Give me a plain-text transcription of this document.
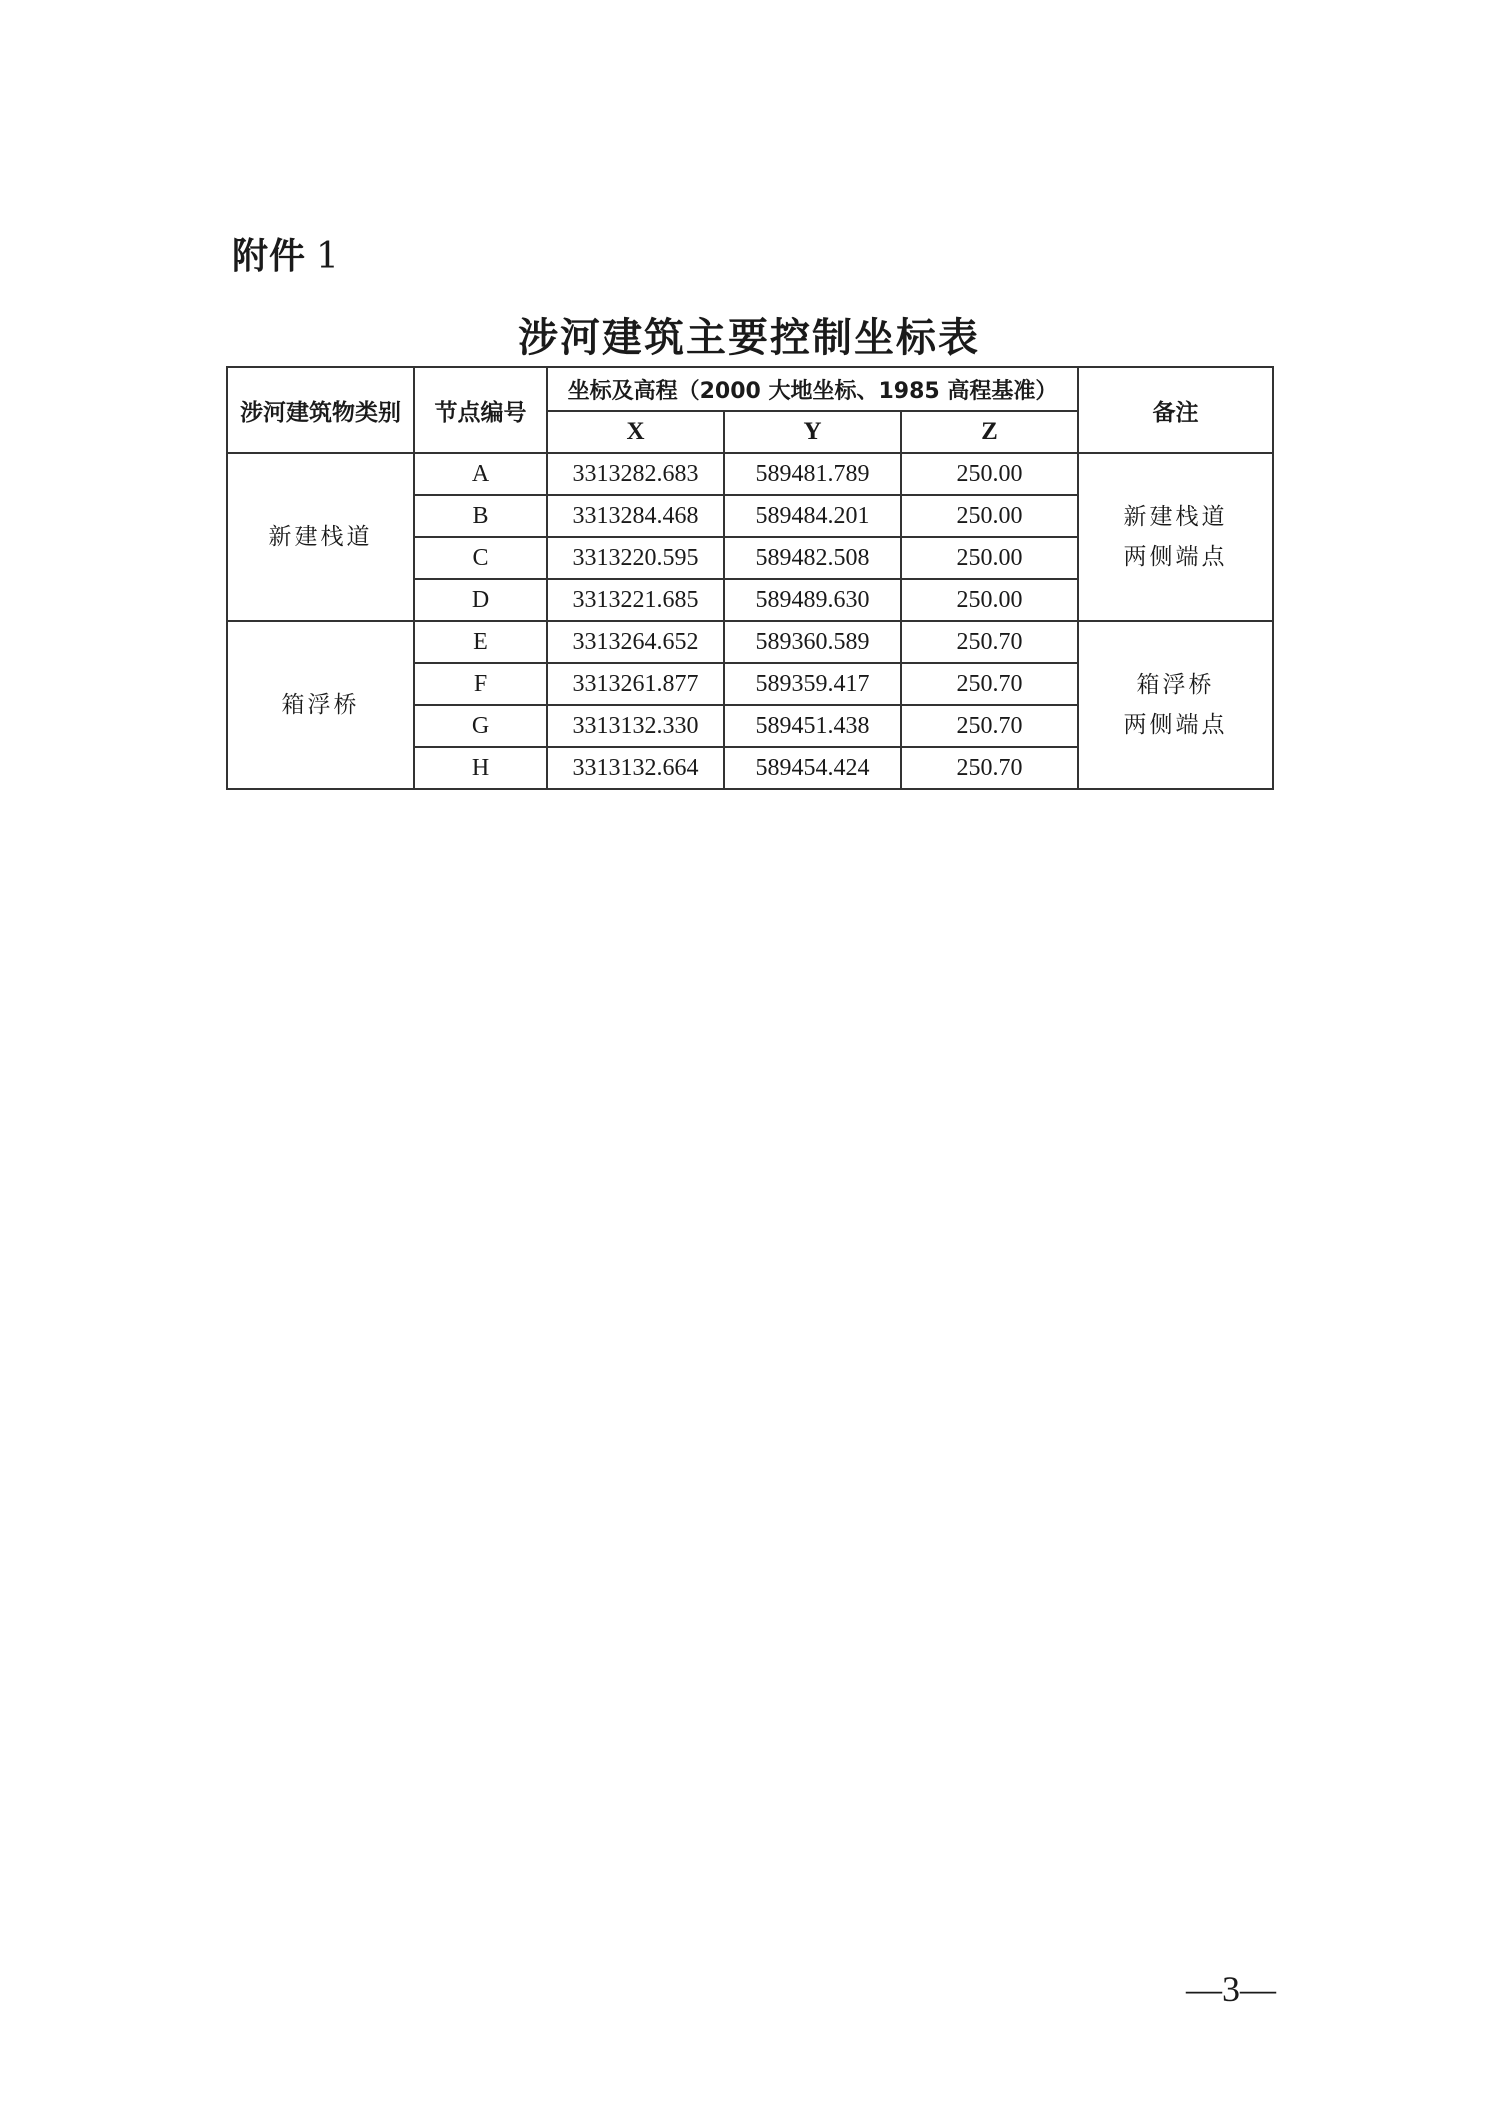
附件 1
涉河建筑主要控制坐标表
涉河建筑物类别	节点编号	坐标及高程（2000 大地坐标、1985 高程基准）			备注
		X	Y	Z	
新建栈道	A	3313282.683	589481.789	250.00	新建栈道
两侧端点

	B	3313284.468	589484.201	250.00	
	C	3313220.595	589482.508	250.00	
	D	3313221.685	589489.630	250.00	
箱浮桥	E	3313264.652	589360.589	250.70	箱浮桥
两侧端点

	F	3313261.877	589359.417	250.70	
	G	3313132.330	589451.438	250.70	
	H	3313132.664	589454.424	250.70	
—3—
